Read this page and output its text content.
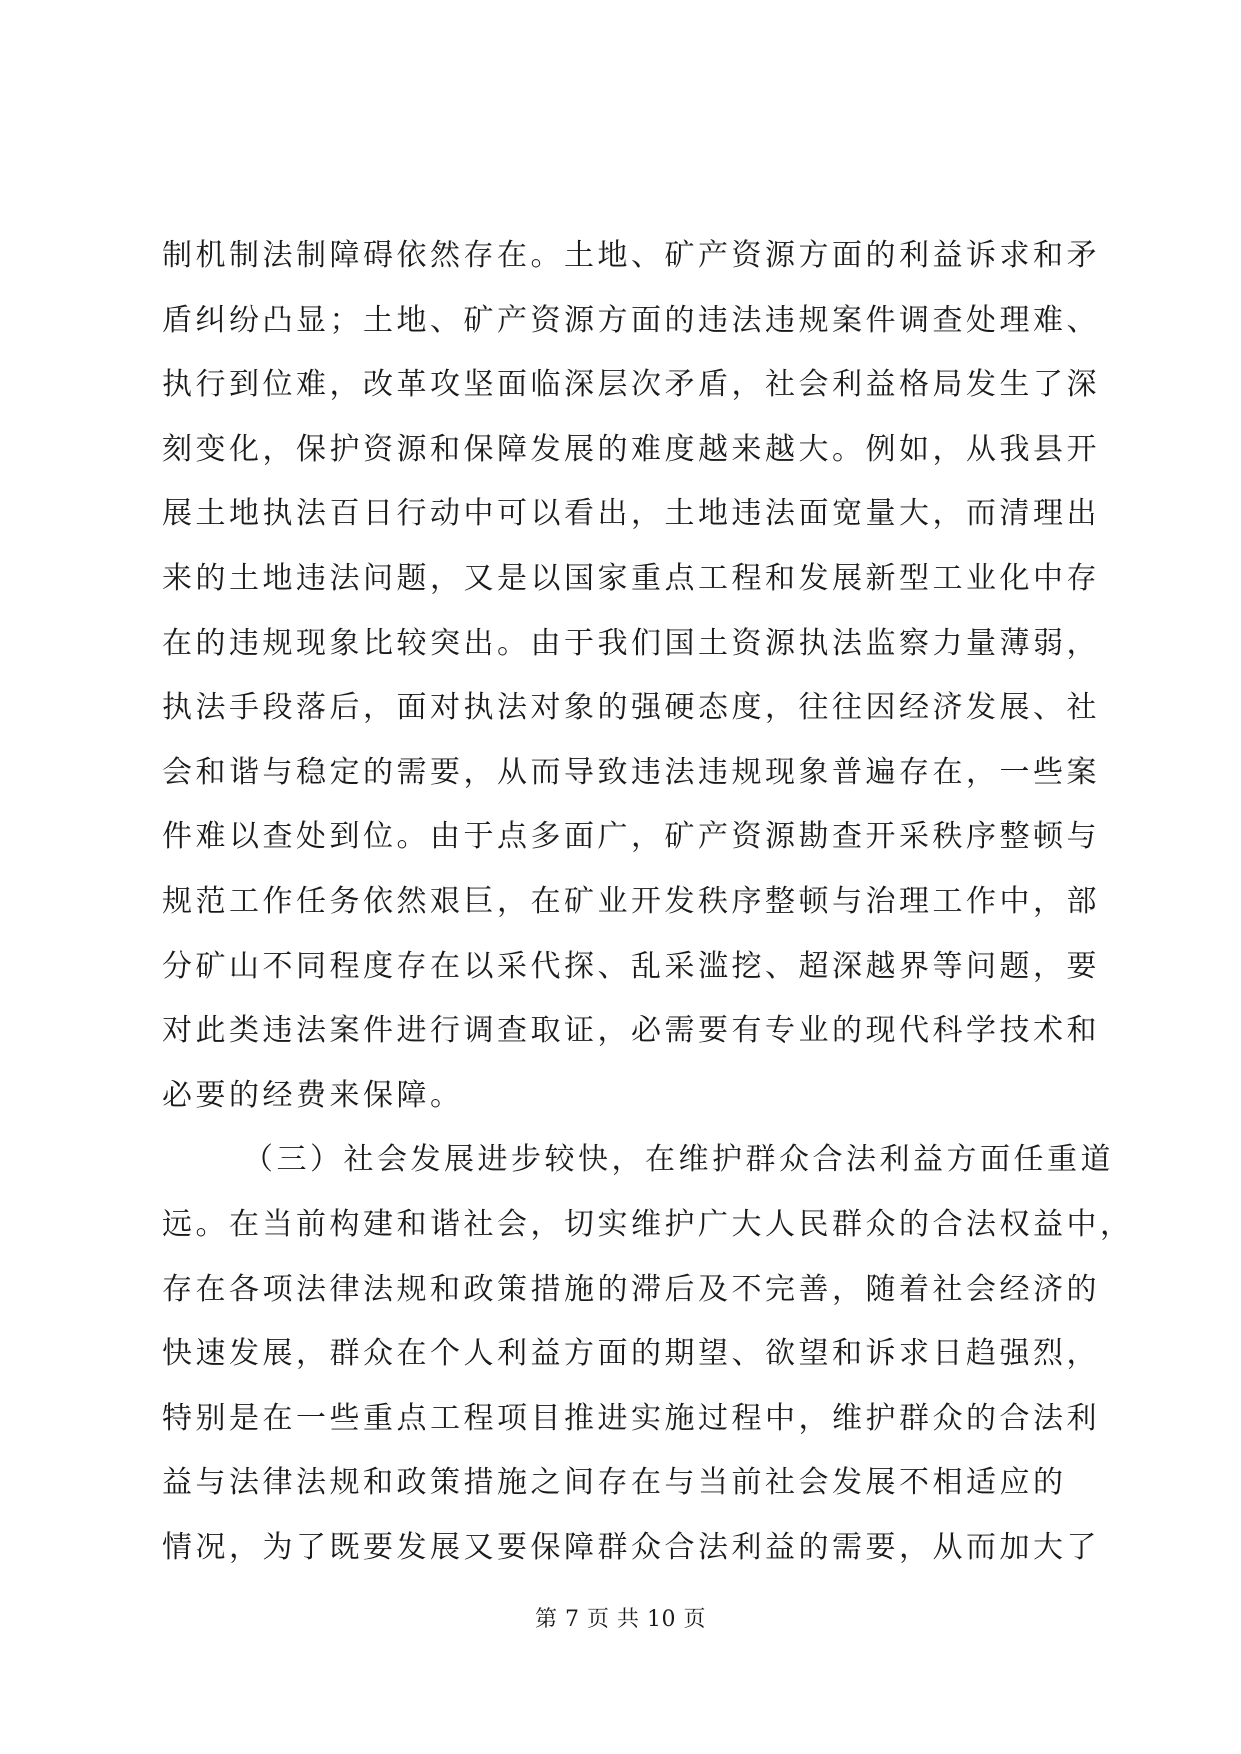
制机制法制障碍依然存在。土地、矿产资源方面的利益诉求和矛
盾纠纷凸显；土地、矿产资源方面的违法违规案件调查处理难、
执行到位难，改革攻坚面临深层次矛盾，社会利益格局发生了深
刻变化，保护资源和保障发展的难度越来越大。例如，从我县开
展土地执法百日行动中可以看出，土地违法面宽量大，而清理出
来的土地违法问题，又是以国家重点工程和发展新型工业化中存
在的违规现象比较突出。由于我们国土资源执法监察力量薄弱，
执法手段落后，面对执法对象的强硬态度，往往因经济发展、社
会和谐与稳定的需要，从而导致违法违规现象普遍存在，一些案
件难以查处到位。由于点多面广，矿产资源勘查开采秩序整顿与
规范工作任务依然艰巨，在矿业开发秩序整顿与治理工作中，部
分矿山不同程度存在以采代探、乱采滥挖、超深越界等问题，要
对此类违法案件进行调查取证，必需要有专业的现代科学技术和
必要的经费来保障。
（三）社会发展进步较快，在维护群众合法利益方面任重道
远。在当前构建和谐社会，切实维护广大人民群众的合法权益中，
存在各项法律法规和政策措施的滞后及不完善，随着社会经济的
快速发展，群众在个人利益方面的期望、欲望和诉求日趋强烈，
特别是在一些重点工程项目推进实施过程中，维护群众的合法利
益与法律法规和政策措施之间存在与当前社会发展不相适应的
情况，为了既要发展又要保障群众合法利益的需要，从而加大了
第 7 页 共 10 页
